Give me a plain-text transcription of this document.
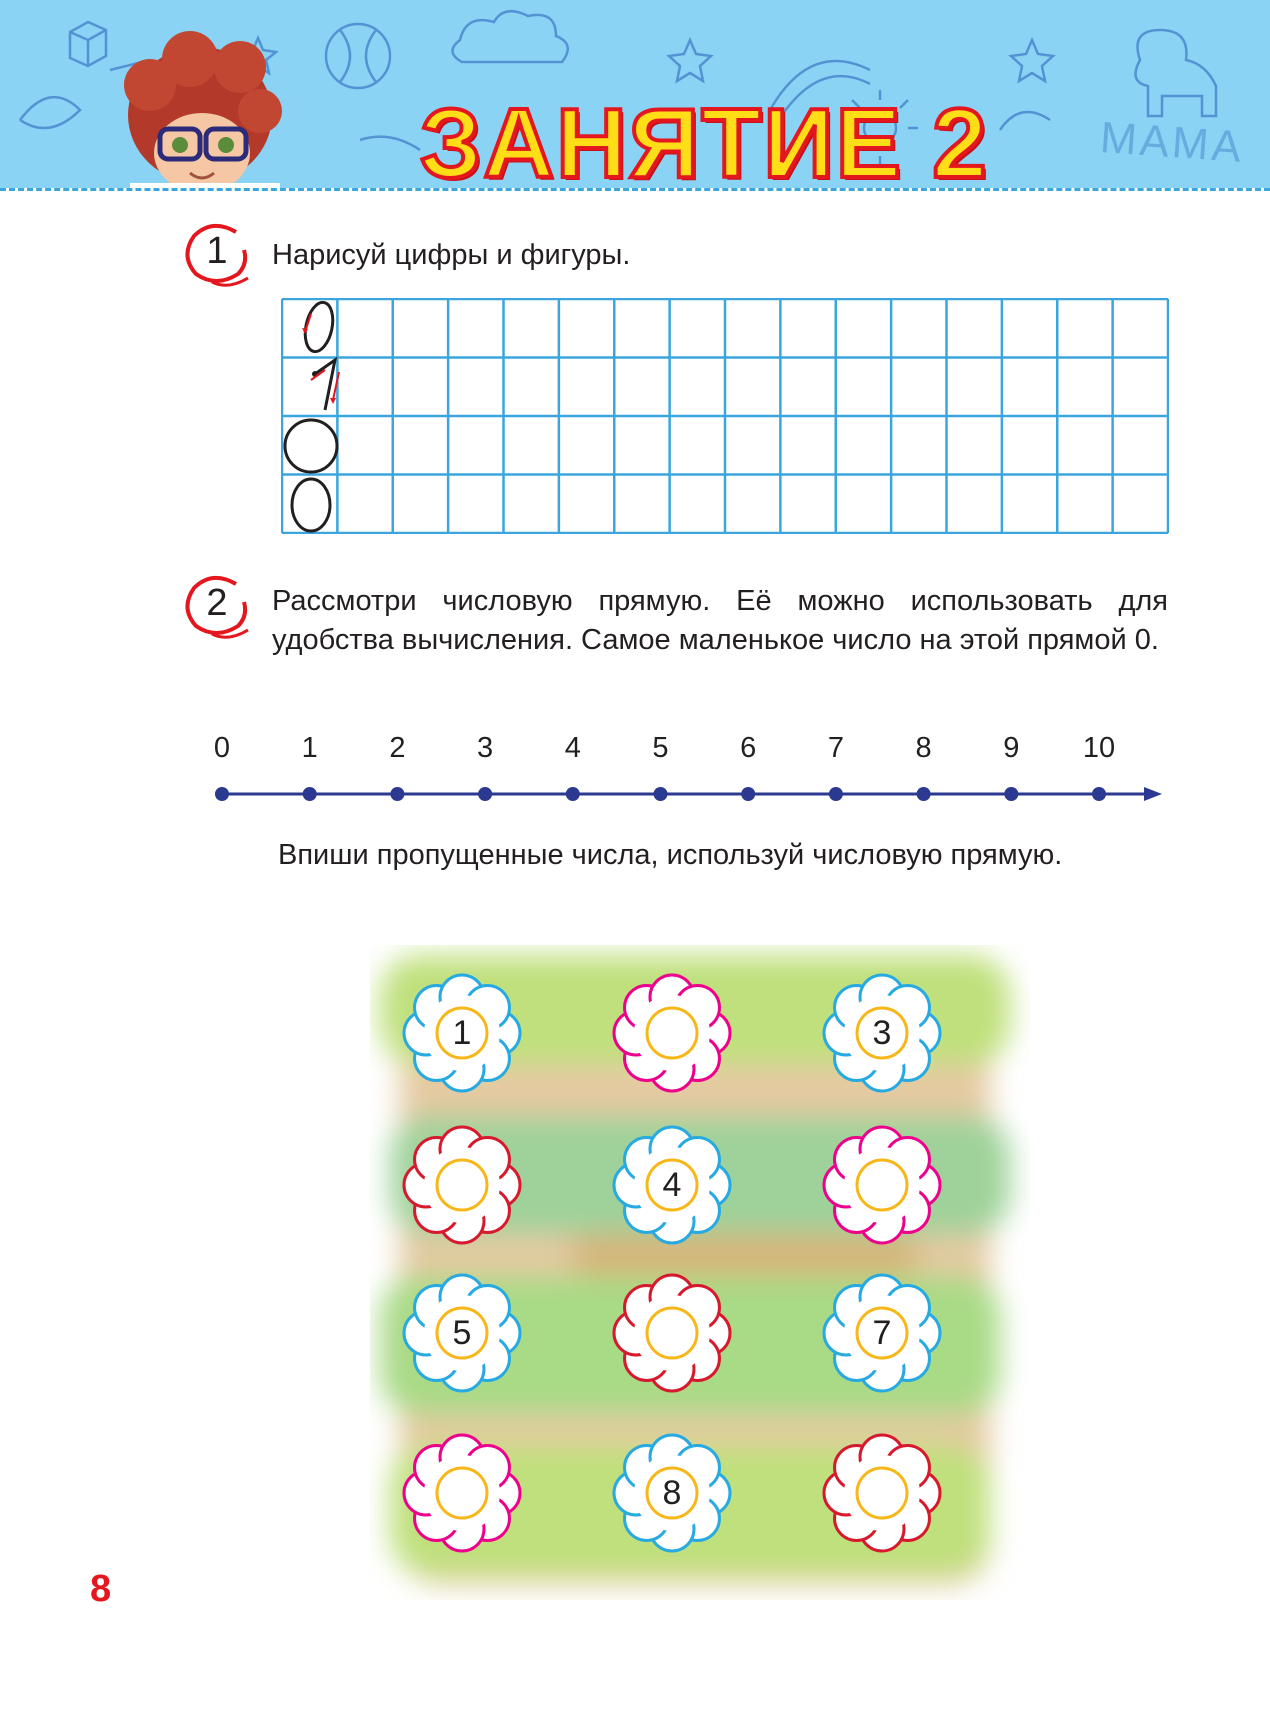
МАМА
ЗАНЯТИЕ 2
1	Нарисуй цифры и фигуры.
2	Рассмотри числовую прямую. Её можно использовать для удобства вычисления. Самое маленькое число на этой прямой 0.
0 1 2 3 4 5 6 7 8 9 10
Впиши пропущенные числа, используй числовую прямую.
1	3
4
5	7
8
8
